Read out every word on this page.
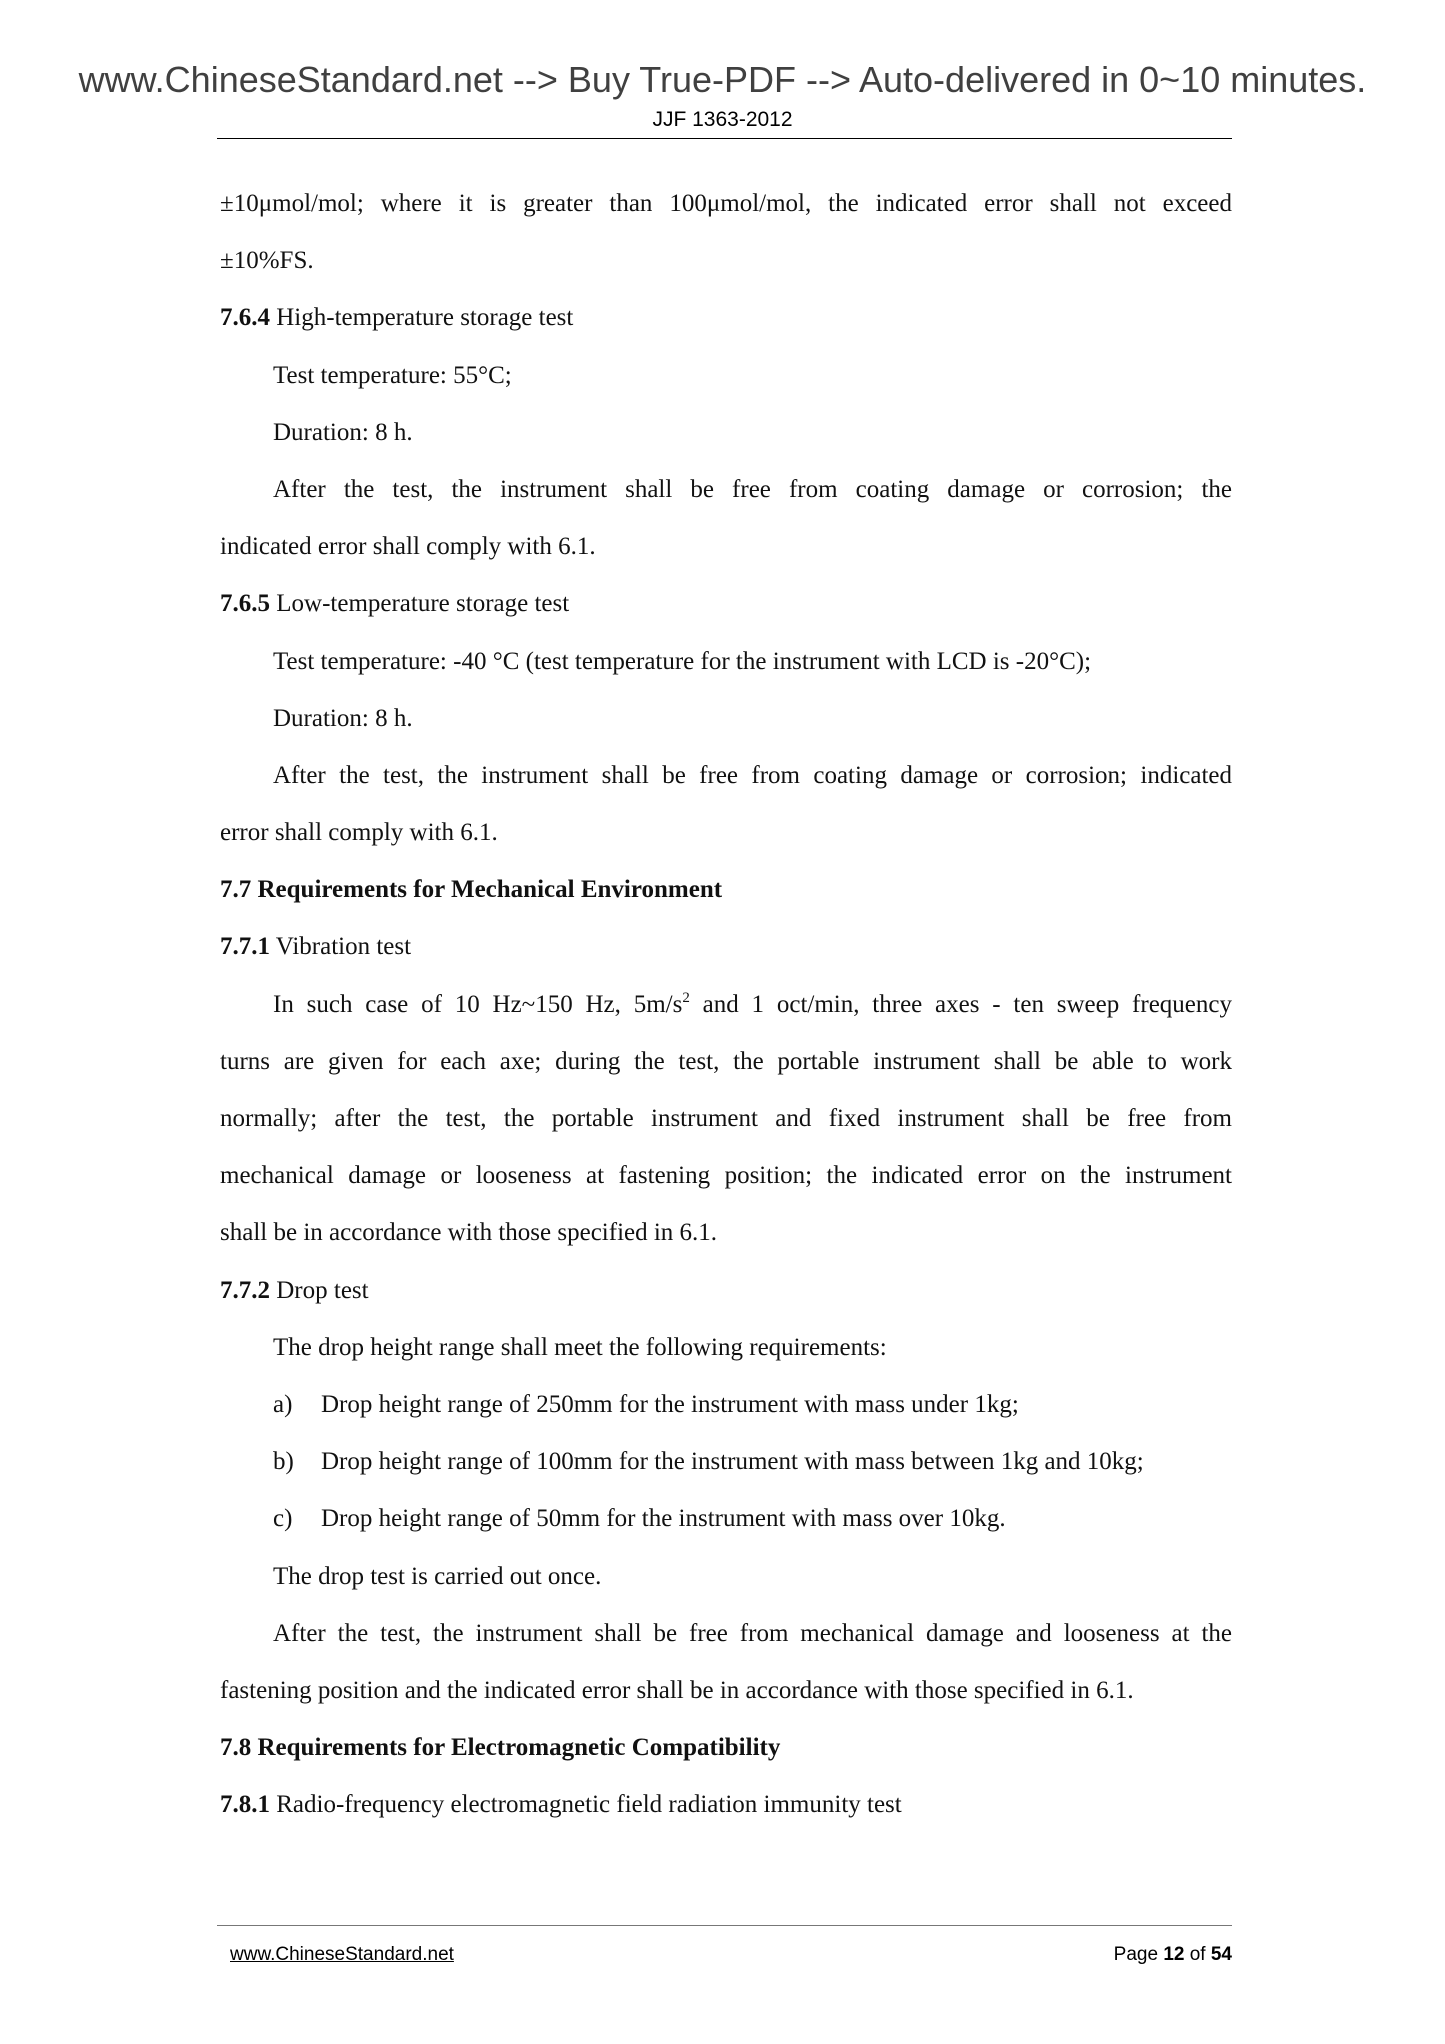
www.ChineseStandard.net --> Buy True-PDF --> Auto-delivered in 0~10 minutes.
JJF 1363-2012
±10μmol/mol; where it is greater than 100μmol/mol, the indicated error shall not exceed
±10%FS.
7.6.4 High-temperature storage test
Test temperature: 55°C;
Duration: 8 h.
After the test, the instrument shall be free from coating damage or corrosion; the
indicated error shall comply with 6.1.
7.6.5 Low-temperature storage test
Test temperature: -40 °C (test temperature for the instrument with LCD is -20°C);
Duration: 8 h.
After the test, the instrument shall be free from coating damage or corrosion; indicated
error shall comply with 6.1.
7.7 Requirements for Mechanical Environment
7.7.1 Vibration test
In such case of 10 Hz~150 Hz, $5m/s^2$ and 1 oct/min, three axes - ten sweep frequency
turns are given for each axe; during the test, the portable instrument shall be able to work
normally; after the test, the portable instrument and fixed instrument shall be free from
mechanical damage or looseness at fastening position; the indicated error on the instrument
shall be in accordance with those specified in 6.1.
7.7.2 Drop test
The drop height range shall meet the following requirements:
a) Drop height range of 250mm for the instrument with mass under 1kg;
b) Drop height range of 100mm for the instrument with mass between 1kg and 10kg;
c) Drop height range of 50mm for the instrument with mass over 10kg.
The drop test is carried out once.
After the test, the instrument shall be free from mechanical damage and looseness at the
fastening position and the indicated error shall be in accordance with those specified in 6.1.
7.8 Requirements for Electromagnetic Compatibility
7.8.1 Radio-frequency electromagnetic field radiation immunity test
www.ChineseStandard.net	Page 12 of 54
